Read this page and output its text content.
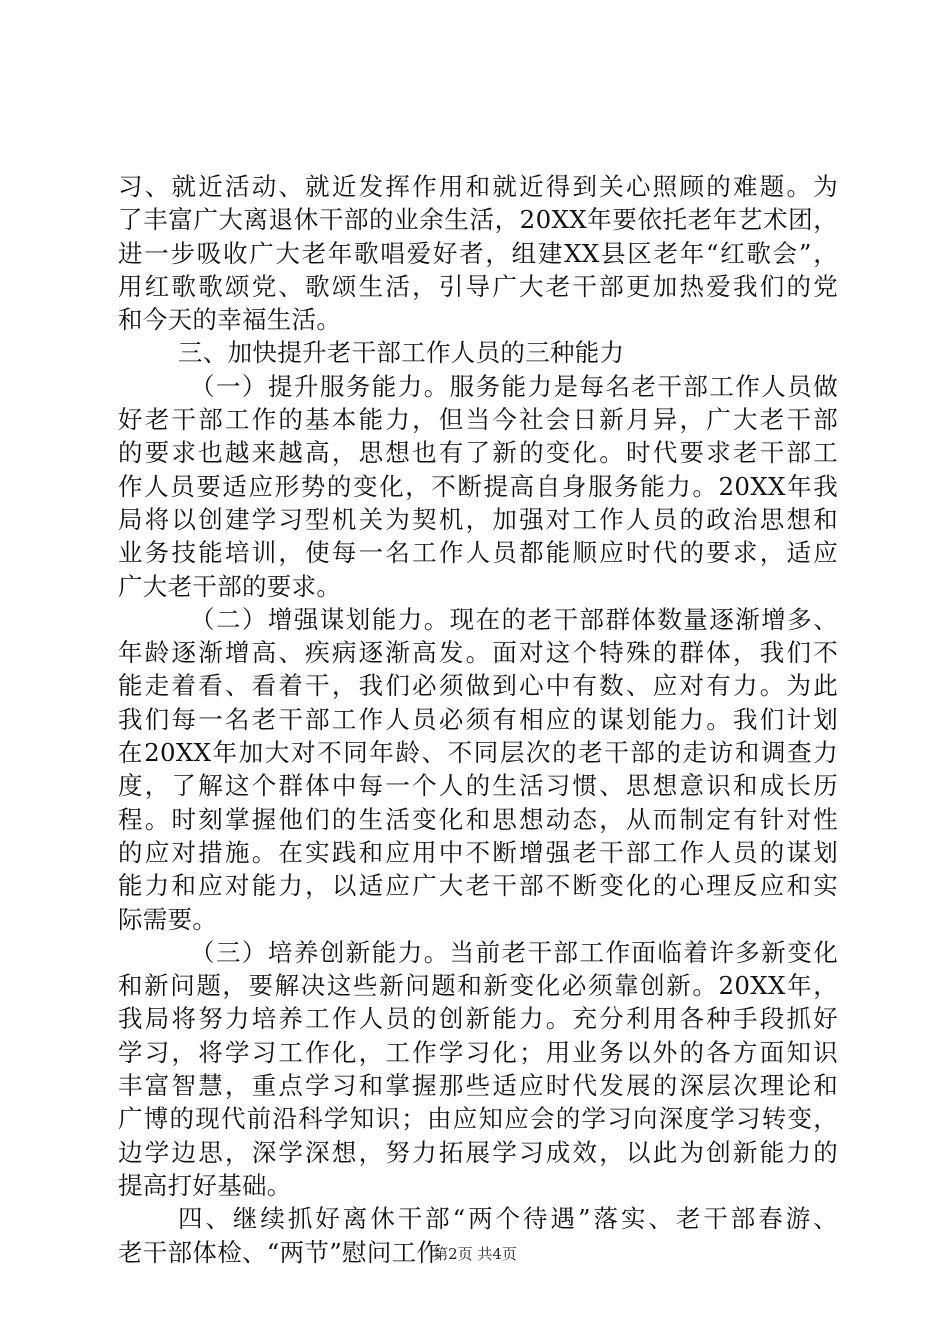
习、就近活动、就近发挥作用和就近得到关心照顾的难题。为
了丰富广大离退休干部的业余生活，20XX年要依托老年艺术团，
进一步吸收广大老年歌唱爱好者，组建XX县区老年“红歌会”，
用红歌歌颂党、歌颂生活，引导广大老干部更加热爱我们的党
和今天的幸福生活。
三、加快提升老干部工作人员的三种能力
（一）提升服务能力。服务能力是每名老干部工作人员做
好老干部工作的基本能力，但当今社会日新月异，广大老干部
的要求也越来越高，思想也有了新的变化。时代要求老干部工
作人员要适应形势的变化，不断提高自身服务能力。20XX年我
局将以创建学习型机关为契机，加强对工作人员的政治思想和
业务技能培训，使每一名工作人员都能顺应时代的要求，适应
广大老干部的要求。
（二）增强谋划能力。现在的老干部群体数量逐渐增多、
年龄逐渐增高、疾病逐渐高发。面对这个特殊的群体，我们不
能走着看、看着干，我们必须做到心中有数、应对有力。为此
我们每一名老干部工作人员必须有相应的谋划能力。我们计划
在20XX年加大对不同年龄、不同层次的老干部的走访和调查力
度，了解这个群体中每一个人的生活习惯、思想意识和成长历
程。时刻掌握他们的生活变化和思想动态，从而制定有针对性
的应对措施。在实践和应用中不断增强老干部工作人员的谋划
能力和应对能力，以适应广大老干部不断变化的心理反应和实
际需要。
（三）培养创新能力。当前老干部工作面临着许多新变化
和新问题，要解决这些新问题和新变化必须靠创新。20XX年，
我局将努力培养工作人员的创新能力。充分利用各种手段抓好
学习，将学习工作化，工作学习化；用业务以外的各方面知识
丰富智慧，重点学习和掌握那些适应时代发展的深层次理论和
广博的现代前沿科学知识；由应知应会的学习向深度学习转变，
边学边思，深学深想，努力拓展学习成效，以此为创新能力的
提高打好基础。
四、继续抓好离休干部“两个待遇”落实、老干部春游、
老干部体检、“两节”慰问工作
第2页 共4页
